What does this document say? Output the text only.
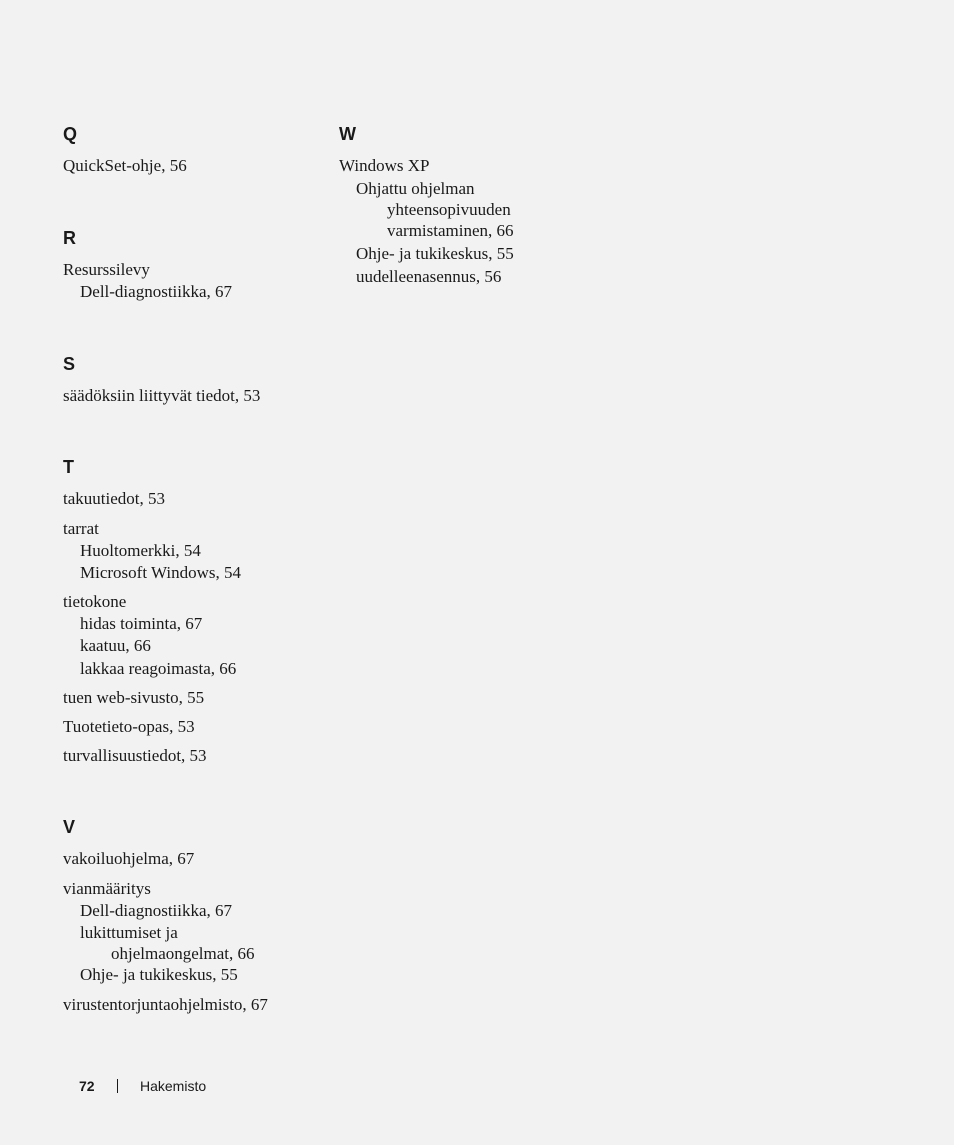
Q
QuickSet-ohje, 56
R
Resurssilevy
Dell-diagnostiikka, 67
S
säädöksiin liittyvät tiedot, 53
T
takuutiedot, 53
tarrat
Huoltomerkki, 54
Microsoft Windows, 54
tietokone
hidas toiminta, 67
kaatuu, 66
lakkaa reagoimasta, 66
tuen web-sivusto, 55
Tuotetieto-opas, 53
turvallisuustiedot, 53
V
vakoiluohjelma, 67
vianmääritys
Dell-diagnostiikka, 67
lukittumiset ja
ohjelmaongelmat, 66
Ohje- ja tukikeskus, 55
virustentorjuntaohjelmisto, 67
W
Windows XP
Ohjattu ohjelman
yhteensopivuuden
varmistaminen, 66
Ohje- ja tukikeskus, 55
uudelleenasennus, 56
72	Hakemisto
